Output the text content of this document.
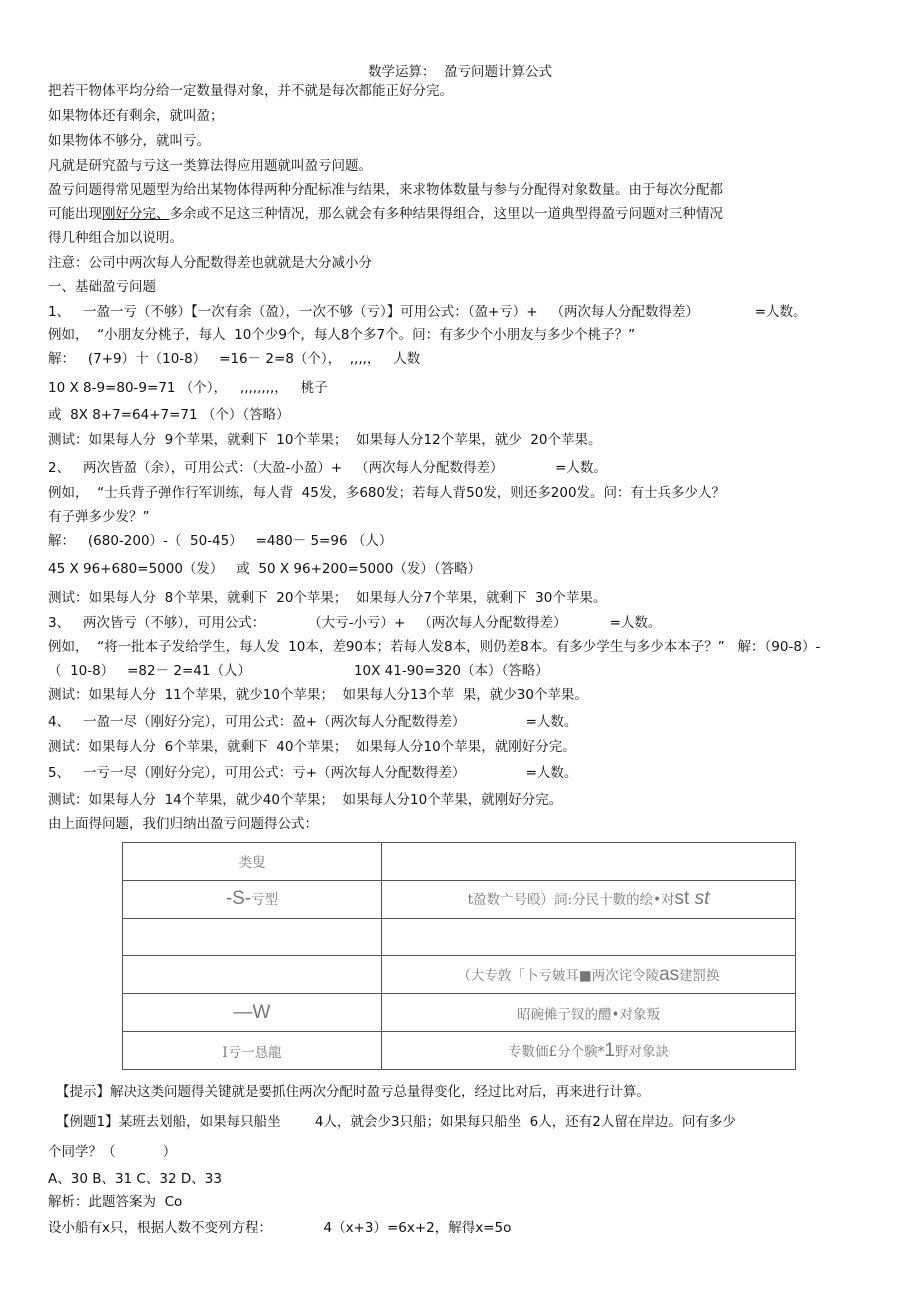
数学运算：  盈亏问题计算公式
把若干物体平均分给一定数量得对象，并不就是每次都能正好分完。
如果物体还有剩余，就叫盈；
如果物体不够分，就叫亏。
凡就是研究盈与亏这一类算法得应用题就叫盈亏问题。
盈亏问题得常见题型为给出某物体得两种分配标准与结果，来求物体数量与参与分配得对象数量。由于每次分配都
可能出现刚好分完、多余或不足这三种情况，那么就会有多种结果得组合，这里以一道典型得盈亏问题对三种情况
得几种组合加以说明。
注意：公司中两次每人分配数得差也就就是大分减小分
一、基础盈亏问题
1、   一盈一亏（不够）【一次有余（盈），一次不够（亏）】可用公式：（盈+亏）+   （两次每人分配数得差）             =人数。
例如，  “小朋友分桃子，每人  10个少9个，每人8个多7个。问：有多少个小朋友与多少个桃子？”
解：   (7+9）十（10-8）   =16－ 2=8（个），  ,,,,，   人数
10 X 8-9=80-9=71 （个），   ,,,,,,,,，   桃子
或  8X 8+7=64+7=71 （个）（答略）
测试：如果每人分  9个苹果，就剩下  10个苹果；  如果每人分12个苹果，就少  20个苹果。
2、   两次皆盈（余），可用公式：（大盈-小盈）+   （两次每人分配数得差）            =人数。
例如，  “士兵背子弹作行军训练，每人背  45发，多680发；若每人背50发，则还多200发。问：有士兵多少人？
有子弹多少发？”
解：   (680-200）-（  50-45）   =480－ 5=96 （人）
45 X 96+680=5000（发）   或  50 X 96+200=5000（发）（答略）
测试：如果每人分  8个苹果，就剩下  20个苹果；  如果每人分7个苹果，就剩下  30个苹果。
3、   两次皆亏（不够），可用公式：          （大亏-小亏）+   （两次每人分配数得差）          =人数。
例如，  “将一批本子发给学生，每人发  10本，差90本；若每人发8本，则仍差8本。有多少学生与多少本本子？”   解：（90-8）-
（  10-8）   =82－ 2=41（人）                        10X 41-90=320（本）（答略）
测试：如果每人分  11个苹果，就少10个苹果；  如果每人分13个苹  果，就少30个苹果。
4、   一盈一尽（刚好分完），可用公式：盈+（两次每人分配数得差）              =人数。
测试：如果每人分  6个苹果，就剩下  40个苹果；  如果每人分10个苹果，就刚好分完。
5、   一亏一尽（刚好分完），可用公式：亏+（两次每人分配数得差）              =人数。
测试：如果每人分  14个苹果，就少40个苹果；  如果每人分10个苹果，就刚好分完。
由上面得问题，我们归纳出盈亏问题得公式：
类叟	
-S-亏型	t盈数亠号殴）詞:分民十數的绘•对st st

	（大专敦「卜亏皴耳■两次诧令陵as建罰换
—W	昭碗傩亍钗的醴•对象叛
I亏一恳龍	专數価£分个験*1野对象訣
【提示】解决这类问题得关键就是要抓住两次分配时盈亏总量得变化，经过比对后，再来进行计算。
【例题1】某班去划船，如果每只船坐        4人，就会少3只船；如果每只船坐  6人，还有2人留在岸边。问有多少
个同学？（           ）
A、30 B、31 C、32 D、33
解析：此题答案为  Co
设小船有x只，根据人数不变列方程：            4（x+3）=6x+2，解得x=5o
